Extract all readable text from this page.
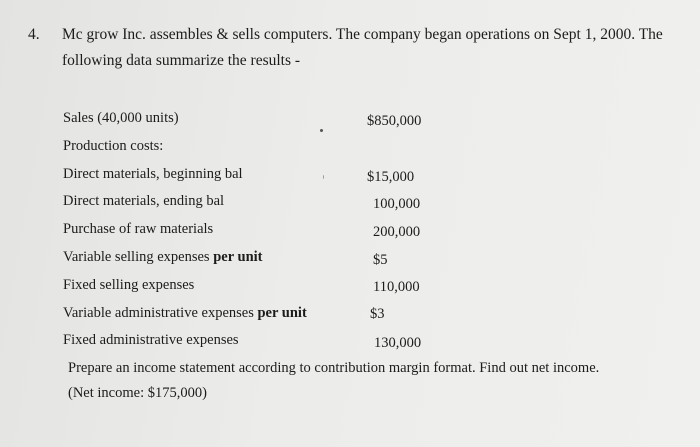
4. Mc grow Inc. assembles & sells computers. The company began operations on Sept 1, 2000. The
following data summarize the results -
Sales (40,000 units)	$850,000
Production costs:
Direct materials, beginning bal	$15,000
Direct materials, ending bal	100,000
Purchase of raw materials	200,000
Variable selling expenses per unit	$5
Fixed selling expenses	110,000
Variable administrative expenses per unit	$3
Fixed administrative expenses	130,000
Prepare an income statement according to contribution margin format. Find out net income.
(Net income: $175,000)
